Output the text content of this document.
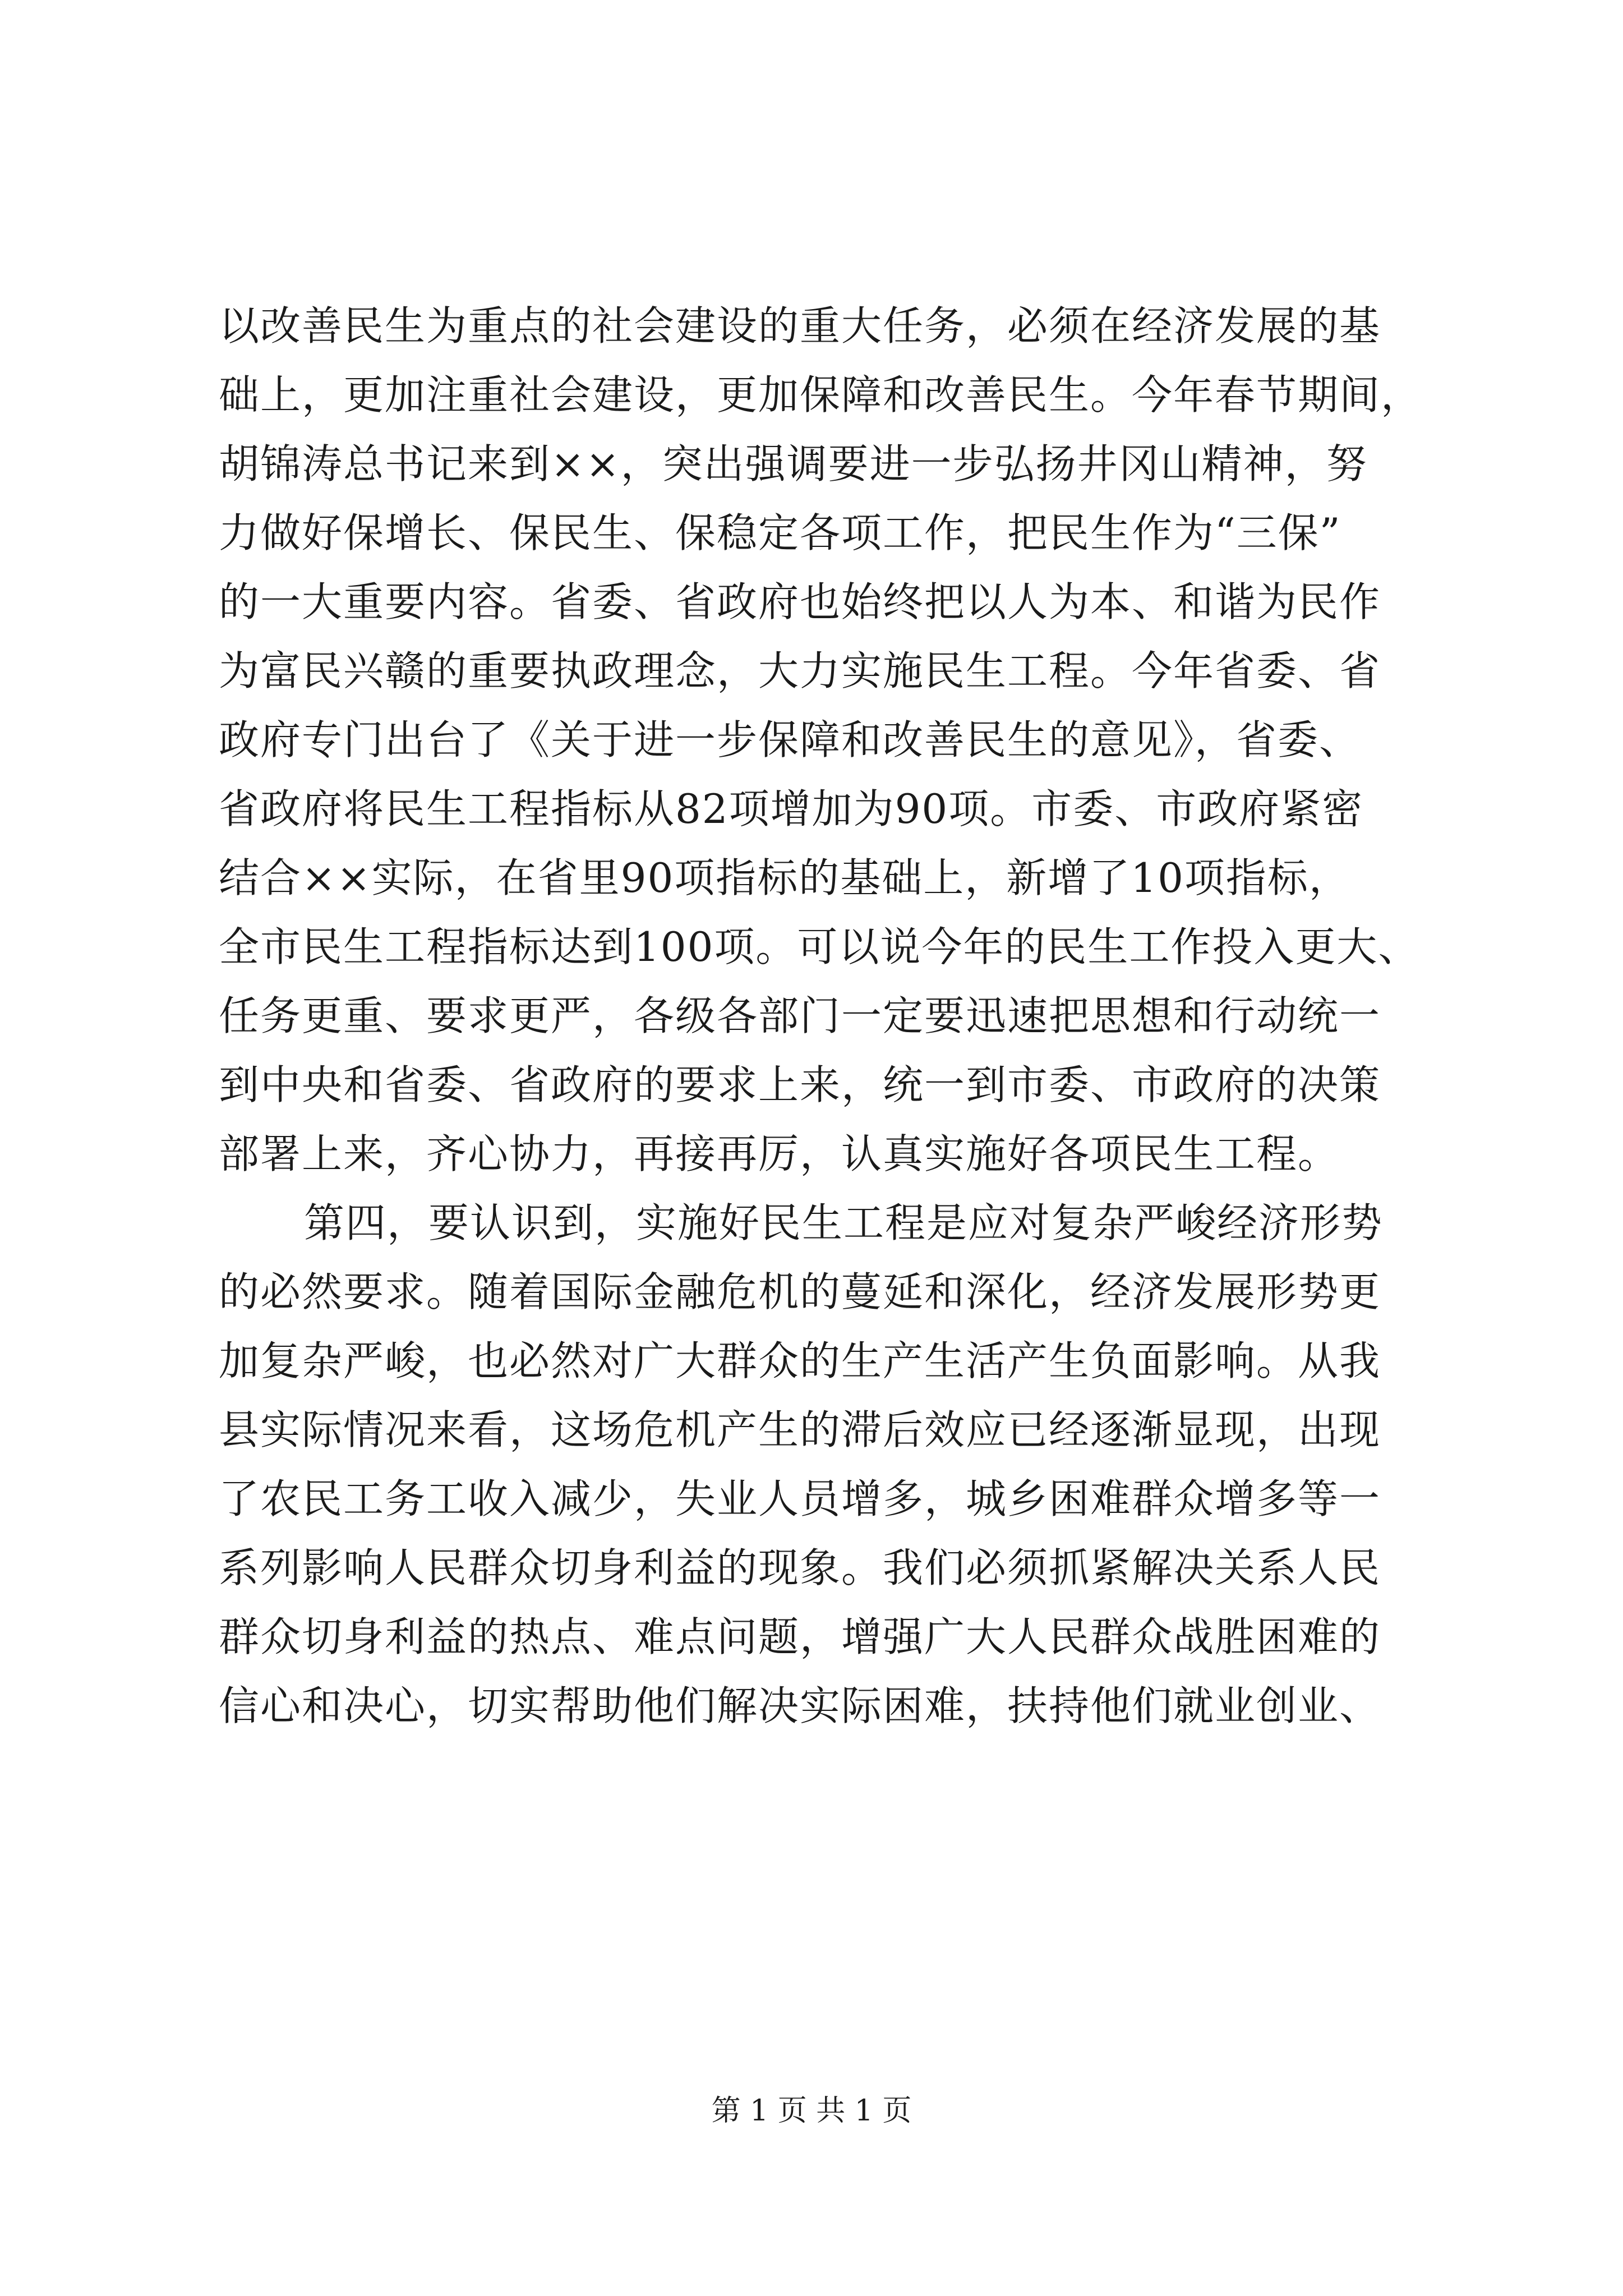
以改善民生为重点的社会建设的重大任务，必须在经济发展的基
础上，更加注重社会建设，更加保障和改善民生。今年春节期间，
胡锦涛总书记来到××，突出强调要进一步弘扬井冈山精神，努
力做好保增长、保民生、保稳定各项工作，把民生作为“三保”
的一大重要内容。省委、省政府也始终把以人为本、和谐为民作
为富民兴赣的重要执政理念，大力实施民生工程。今年省委、省
政府专门出台了《关于进一步保障和改善民生的意见》，省委、
省政府将民生工程指标从82项增加为90项。市委、市政府紧密
结合××实际，在省里90项指标的基础上，新增了10项指标，
全市民生工程指标达到100项。可以说今年的民生工作投入更大、
任务更重、要求更严，各级各部门一定要迅速把思想和行动统一
到中央和省委、省政府的要求上来，统一到市委、市政府的决策
部署上来，齐心协力，再接再厉，认真实施好各项民生工程。
第四，要认识到，实施好民生工程是应对复杂严峻经济形势
的必然要求。随着国际金融危机的蔓延和深化，经济发展形势更
加复杂严峻，也必然对广大群众的生产生活产生负面影响。从我
县实际情况来看，这场危机产生的滞后效应已经逐渐显现，出现
了农民工务工收入减少，失业人员增多，城乡困难群众增多等一
系列影响人民群众切身利益的现象。我们必须抓紧解决关系人民
群众切身利益的热点、难点问题，增强广大人民群众战胜困难的
信心和决心，切实帮助他们解决实际困难，扶持他们就业创业、
第 1 页 共 1 页
